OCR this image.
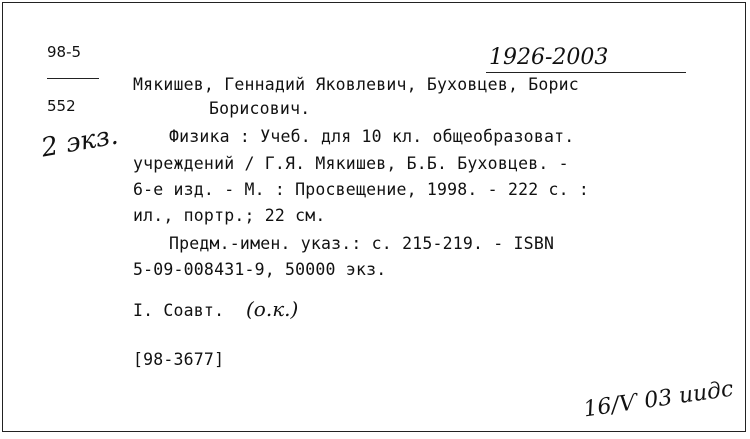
98-5
552
2 экз.
1926-2003
Мякишев, Геннадий Яковлевич, Буховцев, Борис
Борисович.
Физика : Учеб. для 10 кл. общеобразоват.
учреждений / Г.Я. Мякишев, Б.Б. Буховцев. -
6-е изд. - М. : Просвещение, 1998. - 222 с. :
ил., портр.; 22 см.
Предм.-имен. указ.: с. 215-219. - ISBN
5-09-008431-9, 50000 экз.
I. Соавт. (о.к.)
[98-3677]
16/Ѵ 03 иидс
